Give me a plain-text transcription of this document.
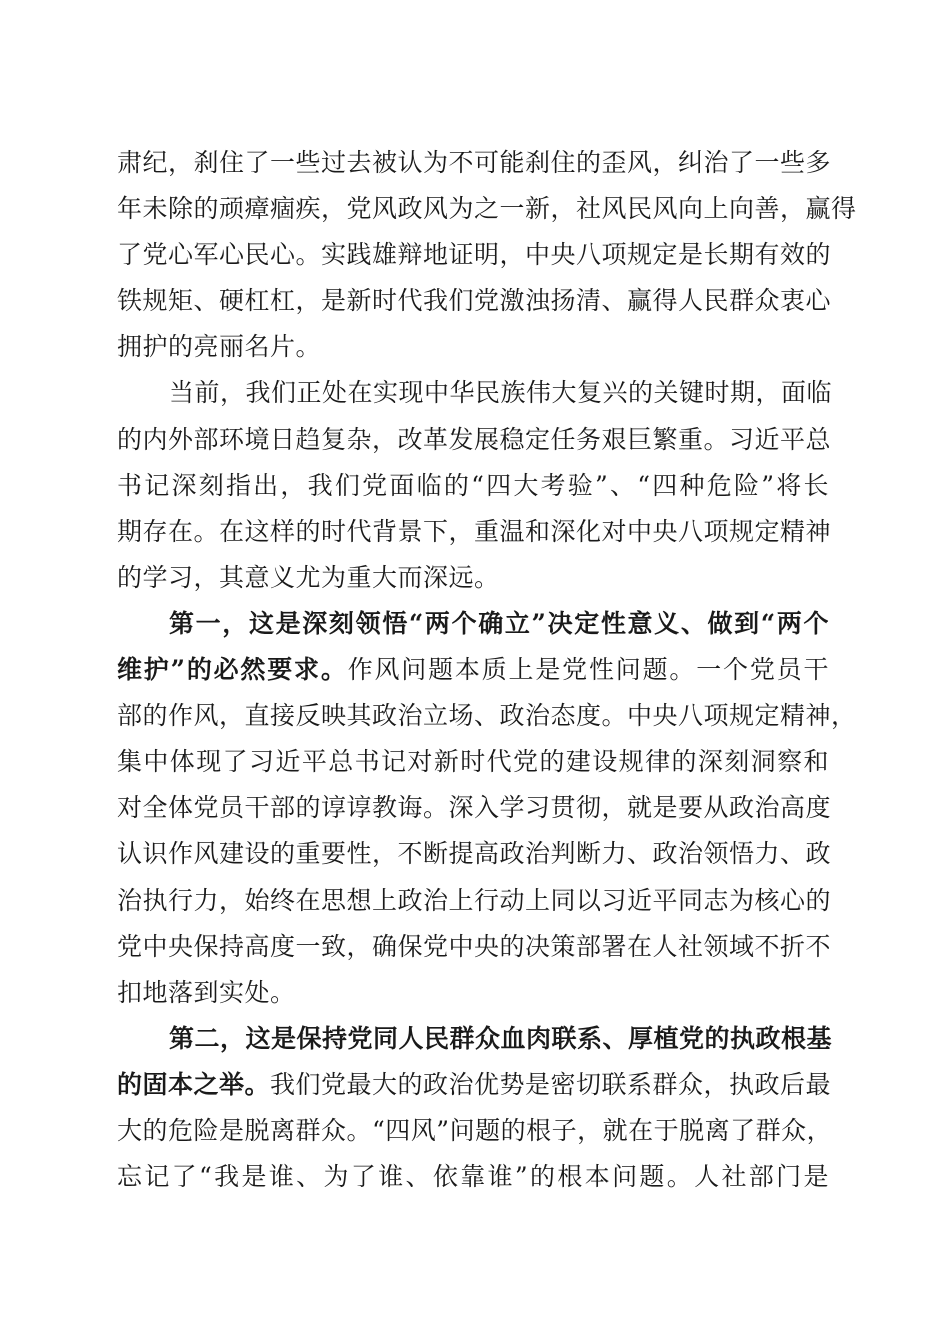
肃纪，刹住了一些过去被认为不可能刹住的歪风，纠治了一些多
年未除的顽瘴痼疾，党风政风为之一新，社风民风向上向善，赢得
了党心军心民心。实践雄辩地证明，中央八项规定是长期有效的
铁规矩、硬杠杠，是新时代我们党激浊扬清、赢得人民群众衷心
拥护的亮丽名片。
当前，我们正处在实现中华民族伟大复兴的关键时期，面临
的内外部环境日趋复杂，改革发展稳定任务艰巨繁重。习近平总
书记深刻指出，我们党面临的“四大考验”、“四种危险”将长
期存在。在这样的时代背景下，重温和深化对中央八项规定精神
的学习，其意义尤为重大而深远。
第一，这是深刻领悟“两个确立”决定性意义、做到“两个
维护”的必然要求。作风问题本质上是党性问题。一个党员干
部的作风，直接反映其政治立场、政治态度。中央八项规定精神，
集中体现了习近平总书记对新时代党的建设规律的深刻洞察和
对全体党员干部的谆谆教诲。深入学习贯彻，就是要从政治高度
认识作风建设的重要性，不断提高政治判断力、政治领悟力、政
治执行力，始终在思想上政治上行动上同以习近平同志为核心的
党中央保持高度一致，确保党中央的决策部署在人社领域不折不
扣地落到实处。
第二，这是保持党同人民群众血肉联系、厚植党的执政根基
的固本之举。我们党最大的政治优势是密切联系群众，执政后最
大的危险是脱离群众。“四风”问题的根子，就在于脱离了群众，
忘记了“我是谁、为了谁、依靠谁”的根本问题。人社部门是
